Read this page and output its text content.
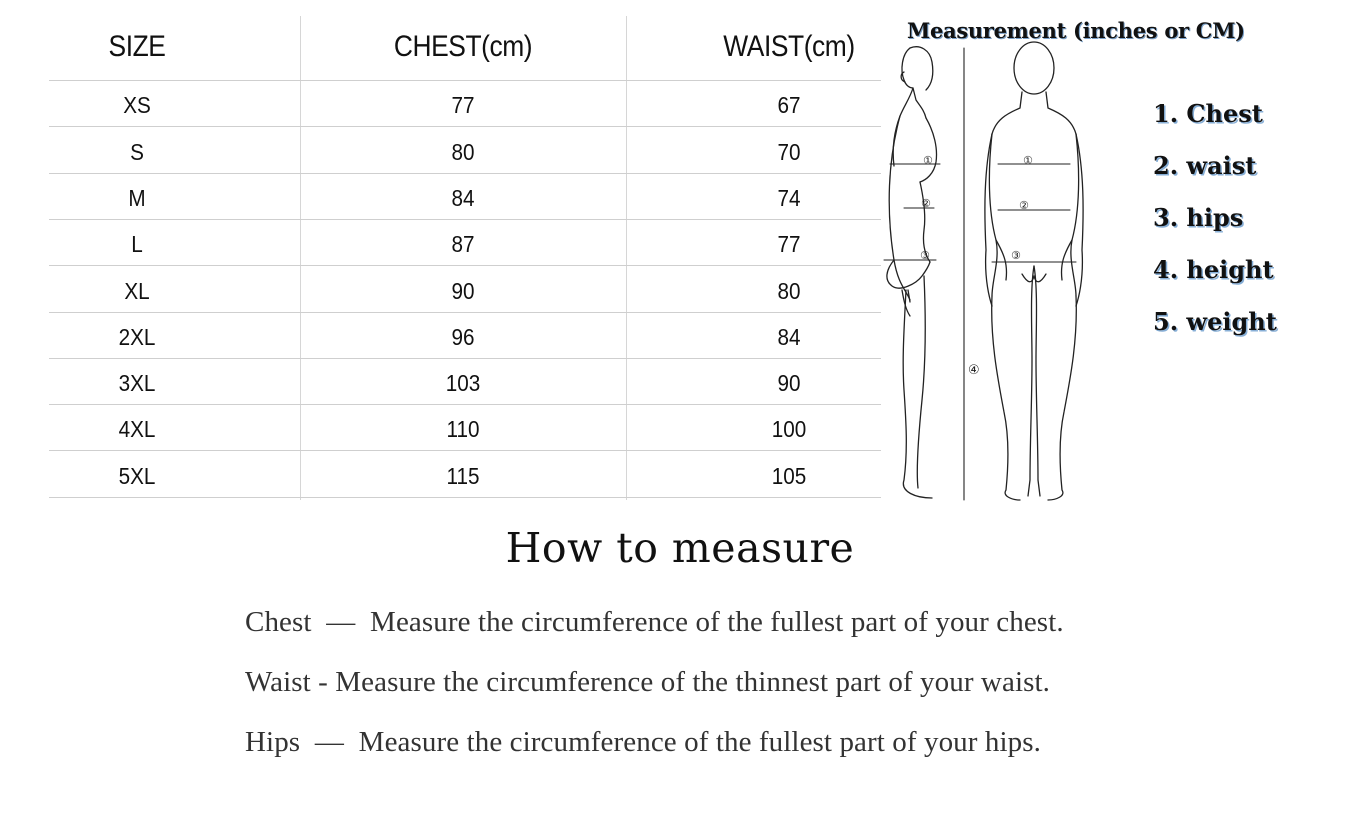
SIZE	CHEST(cm)	WAIST(cm)
XS	77	67
S	80	70
M	84	74
L	87	77
XL	90	80
2XL	96	84
3XL	103	90
4XL	110	100
5XL	115	105
Measurement (inches or CM)
①
②
③
①
②
③
④
1. Chest
2. waist
3. hips
4. height
5. weight
How to measure
Chest  —  Measure the circumference of the fullest part of your chest.
Waist - Measure the circumference of the thinnest part of your waist.
Hips  —  Measure the circumference of the fullest part of your hips.
